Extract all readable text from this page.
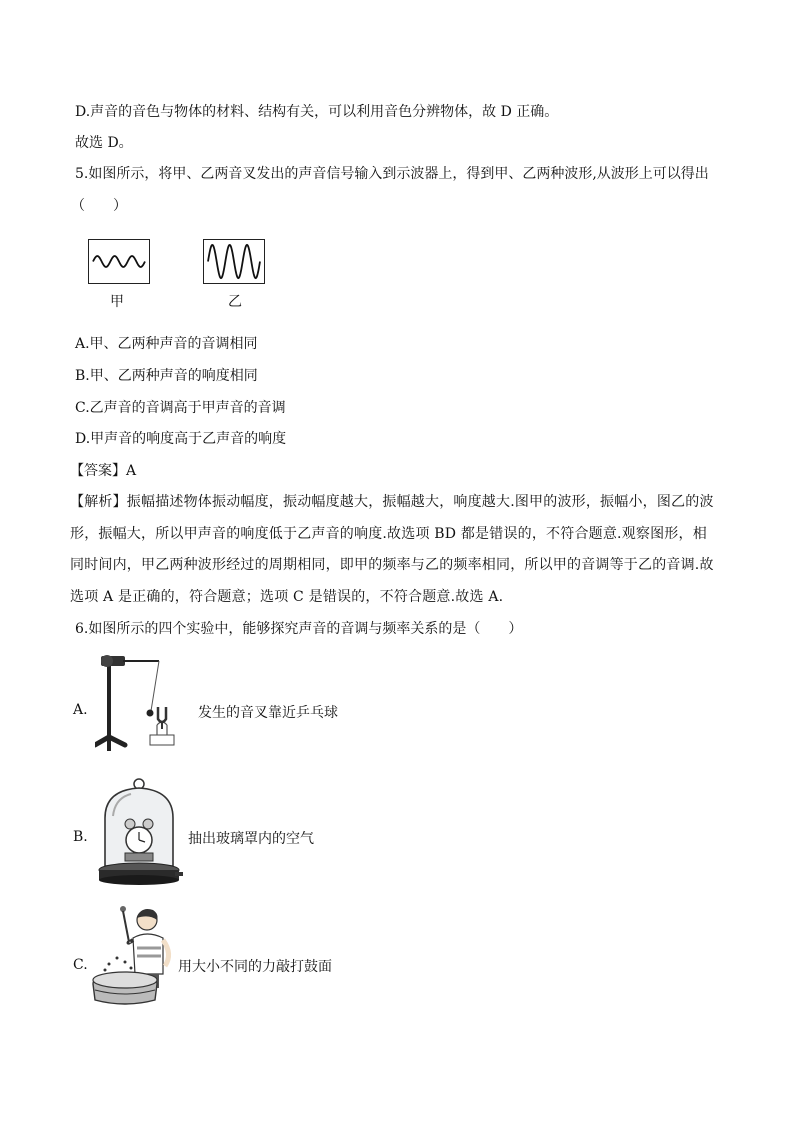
D.声音的音色与物体的材料、结构有关，可以利用音色分辨物体，故 D 正确。
故选 D。
5.如图所示，将甲、乙两音叉发出的声音信号输入到示波器上，得到甲、乙两种波形,从波形上可以得出
（　　）
甲	乙
A.甲、乙两种声音的音调相同
B.甲、乙两种声音的响度相同
C.乙声音的音调高于甲声音的音调
D.甲声音的响度高于乙声音的响度
【答案】A
【解析】振幅描述物体振动幅度，振动幅度越大，振幅越大，响度越大.图甲的波形，振幅小，图乙的波形，振幅大，所以甲声音的响度低于乙声音的响度.故选项 BD 都是错误的，不符合题意.观察图形，相同时间内，甲乙两种波形经过的周期相同，即甲的频率与乙的频率相同，所以甲的音调等于乙的音调.故选项 A 是正确的，符合题意；选项 C 是错误的，不符合题意.故选 A.
6.如图所示的四个实验中，能够探究声音的音调与频率关系的是（　　）
A.	发生的音叉靠近乒乓球
B.	抽出玻璃罩内的空气
C.	用大小不同的力敲打鼓面
